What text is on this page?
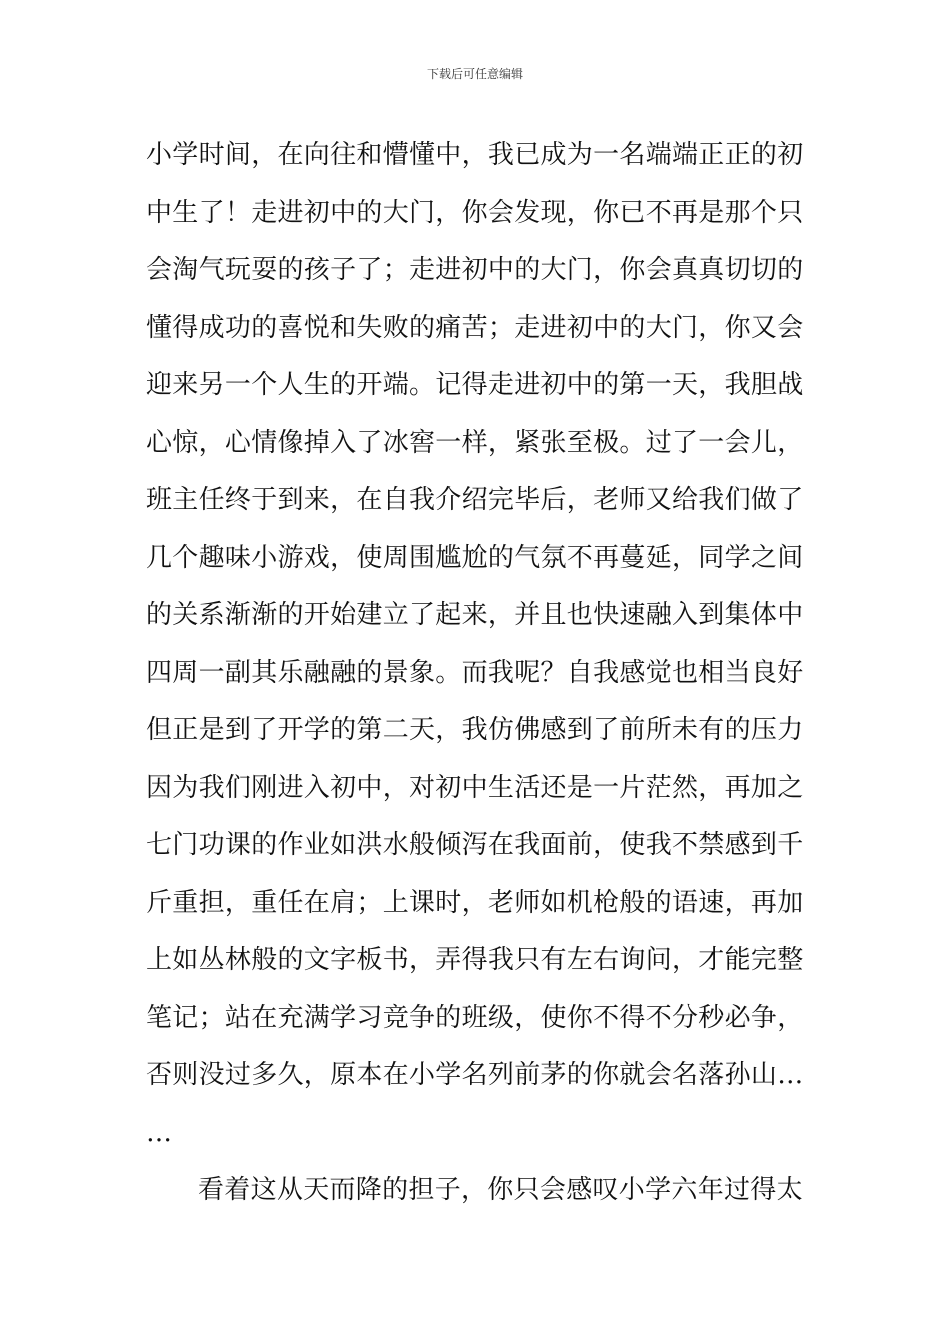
下载后可任意编辑
小学时间，在向往和懵懂中，我已成为一名端端正正的初
中生了！走进初中的大门，你会发现，你已不再是那个只
会淘气玩耍的孩子了；走进初中的大门，你会真真切切的
懂得成功的喜悦和失败的痛苦；走进初中的大门，你又会
迎来另一个人生的开端。记得走进初中的第一天，我胆战
心惊，心情像掉入了冰窖一样，紧张至极。过了一会儿，
班主任终于到来，在自我介绍完毕后，老师又给我们做了
几个趣味小游戏，使周围尴尬的气氛不再蔓延，同学之间
的关系渐渐的开始建立了起来，并且也快速融入到集体中
四周一副其乐融融的景象。而我呢？自我感觉也相当良好
但正是到了开学的第二天，我仿佛感到了前所未有的压力
因为我们刚进入初中，对初中生活还是一片茫然，再加之
七门功课的作业如洪水般倾泻在我面前，使我不禁感到千
斤重担，重任在肩；上课时，老师如机枪般的语速，再加
上如丛林般的文字板书，弄得我只有左右询问，才能完整
笔记；站在充满学习竞争的班级，使你不得不分秒必争，
否则没过多久，原本在小学名列前茅的你就会名落孙山…
…
看着这从天而降的担子，你只会感叹小学六年过得太
